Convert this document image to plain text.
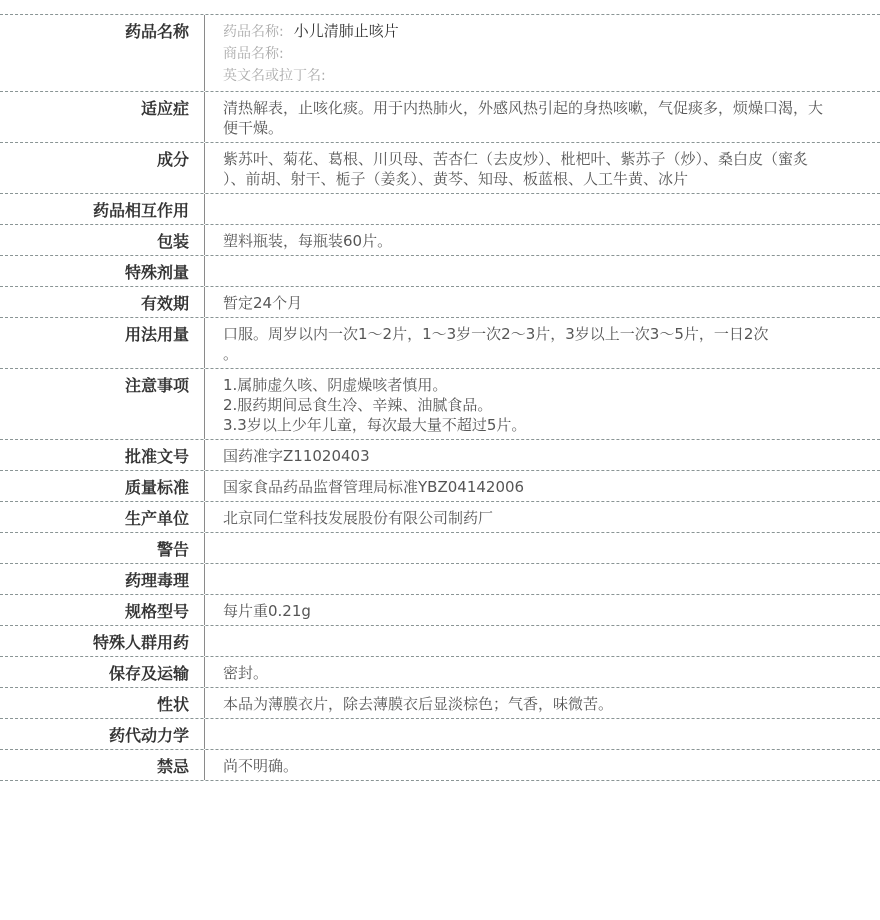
药品名称	药品名称: 小儿清肺止咳片
商品名称:
英文名或拉丁名:
适应症	清热解表，止咳化痰。用于内热肺火，外感风热引起的身热咳嗽，气促痰多，烦燥口渴，大
便干燥。
成分	紫苏叶、菊花、葛根、川贝母、苦杏仁（去皮炒）、枇杷叶、紫苏子（炒）、桑白皮（蜜炙
）、前胡、射干、栀子（姜炙）、黄芩、知母、板蓝根、人工牛黄、冰片
药品相互作用
包装	塑料瓶装，每瓶装60片。
特殊剂量
有效期	暂定24个月
用法用量	口服。周岁以内一次1～2片，1～3岁一次2～3片，3岁以上一次3～5片，一日2次
。
注意事项	1.属肺虚久咳、阴虚燥咳者慎用。
2.服药期间忌食生冷、辛辣、油腻食品。
3.3岁以上少年儿童，每次最大量不超过5片。
批准文号	国药准字Z11020403
质量标准	国家食品药品监督管理局标准YBZ04142006
生产单位	北京同仁堂科技发展股份有限公司制药厂
警告
药理毒理
规格型号	每片重0.21g
特殊人群用药
保存及运输	密封。
性状	本品为薄膜衣片，除去薄膜衣后显淡棕色；气香，味微苦。
药代动力学
禁忌	尚不明确。
